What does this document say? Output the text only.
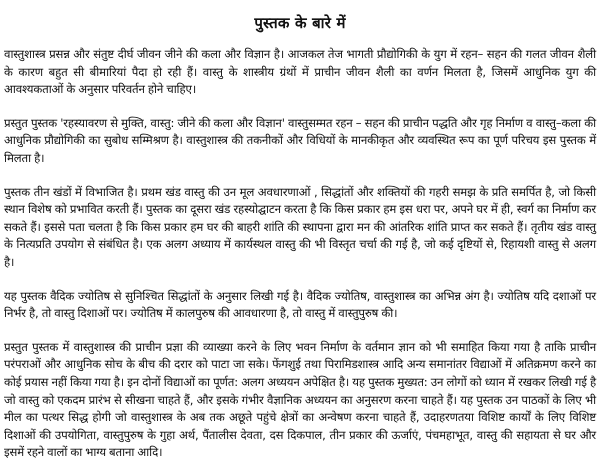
पुस्तक के बारे में

वास्तुशास्त्र प्रसन्न और संतुष्ट दीर्घ जीवन जीने की कला और विज्ञान है। आजकल तेज भागती प्रौद्योगिकी के युग में रहन– सहन की गलत जीवन शैली के कारण बहुत सी बीमारियां पैदा हो रही हैं। वास्तु के शास्त्रीय ग्रंथों में प्राचीन जीवन शैली का वर्णन मिलता है, जिसमें आधुनिक युग की आवश्यकताओं के अनुसार परिवर्तन होने चाहिए।

प्रस्तुत पुस्तक 'रहस्यावरण से मुक्ति, वास्तु: जीने की कला और विज्ञान' वास्तुसम्मत रहन – सहन की प्राचीन पद्धति और गृह निर्माण व वास्तु–कला की आधुनिक प्रौद्योगिकी का सुबोध सम्मिश्रण है। वास्तुशास्त्र की तकनीकों और विधियों के मानकीकृत और व्यवस्थित रूप का पूर्ण परिचय इस पुस्तक में मिलता है।

पुस्तक तीन खंडों में विभाजित है। प्रथम खंड वास्तु की उन मूल अवधारणाओं , सिद्धांतों और शक्तियों की गहरी समझ के प्रति समर्पित है, जो किसी स्थान विशेष को प्रभावित करती हैं। पुस्तक का दूसरा खंड रहस्योद्घाटन करता है कि किस प्रकार हम इस धरा पर, अपने घर में ही, स्वर्ग का निर्माण कर सकते हैं। इससे पता चलता है कि किस प्रकार हम घर की बाहरी शांति की स्थापना द्वारा मन की आंतरिक शांति प्राप्त कर सकते हैं। तृतीय खंड वास्तु के नित्यप्रति उपयोग से संबंधित है। एक अलग अध्याय में कार्यस्थल वास्तु की भी विस्तृत चर्चा की गई है, जो कई दृष्टियों से, रिहायशी वास्तु से अलग है।

यह पुस्तक वैदिक ज्योतिष से सुनिश्चित सिद्धांतों के अनुसार लिखी गई है। वैदिक ज्योतिष, वास्तुशास्त्र का अभिन्न अंग है। ज्योतिष यदि दशाओं पर निर्भर है, तो वास्तु दिशाओं पर। ज्योतिष में कालपुरुष की आवधारणा है, तो वास्तु में वास्तुपुरुष की।

प्रस्तुत पुस्तक में वास्तुशास्त्र की प्राचीन प्रज्ञा की व्याख्या करने के लिए भवन निर्माण के वर्तमान ज्ञान को भी समाहित किया गया है ताकि प्राचीन परंपराओं और आधुनिक सोच के बीच की दरार को पाटा जा सके। फेंगशुई तथा पिरामिडशास्त्र आदि अन्य समानांतर विद्याओं में अतिक्रमण करने का कोई प्रयास नहीं किया गया है। इन दोनों विद्याओं का पूर्णत: अलग अध्ययन अपेक्षित है। यह पुस्तक मुख्यत: उन लोगों को ध्यान में रखकर लिखी गई है जो वास्तु को एकदम प्रारंभ से सीखना चाहते हैं, और इसके गंभीर वैज्ञानिक अध्ययन का अनुसरण करना चाहते हैं। यह पुस्तक उन पाठकों के लिए भी मील का पत्थर सिद्ध होगी जो वास्तुशास्त्र के अब तक अछूते पहुंचे क्षेत्रों का अन्वेषण करना चाहते हैं, उदाहरणतया विशिष्ट कार्यों के लिए विशिष्ट दिशाओं की उपयोगिता, वास्तुपुरुष के गुहा अर्थ, पैंतालीस देवता, दस दिकपाल, तीन प्रकार की ऊर्जाएं, पंचमहाभूत, वास्तु की सहायता से घर और इसमें रहने वालों का भाग्य बताना आदि।
